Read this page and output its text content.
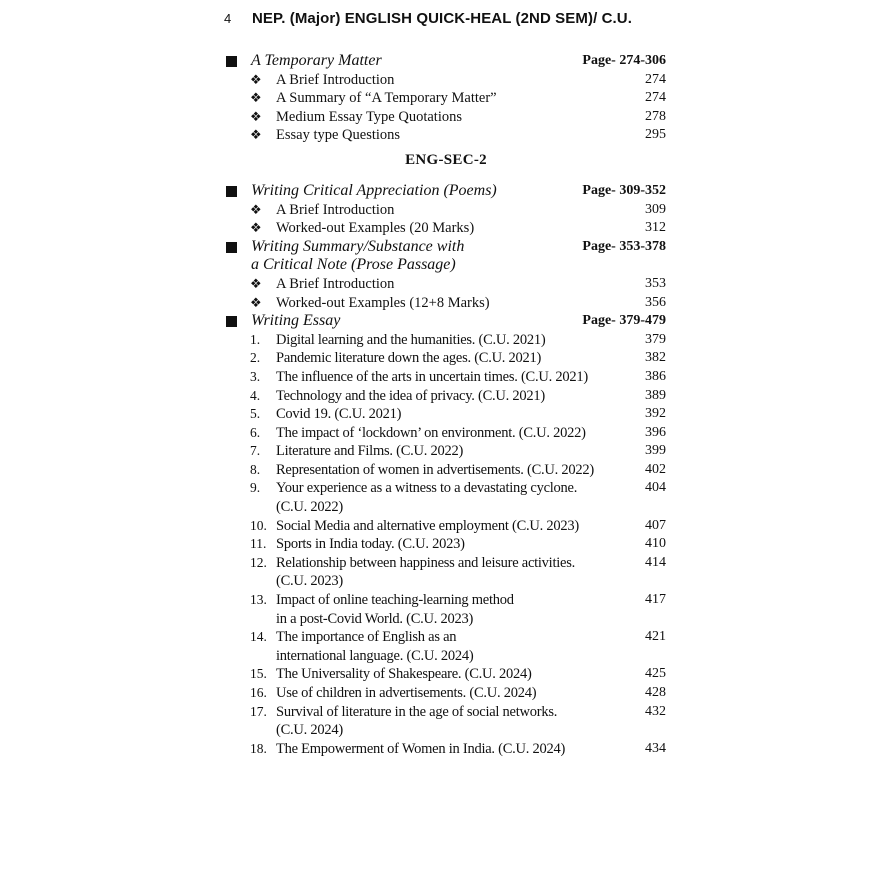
4 NEP. (Major) ENGLISH QUICK-HEAL (2ND SEM)/ C.U.
A Temporary Matter	Page- 274-306
❖ A Brief Introduction	274
❖ A Summary of “A Temporary Matter”	274
❖ Medium Essay Type Quotations	278
❖ Essay type Questions	295
ENG-SEC-2
Writing Critical Appreciation (Poems)	Page- 309-352
❖ A Brief Introduction	309
❖ Worked-out Examples (20 Marks)	312
Writing Summary/Substance with
a Critical Note (Prose Passage)
Page- 353-378
❖ A Brief Introduction	353
❖ Worked-out Examples (12+8 Marks)	356
Writing Essay	Page- 379-479
1.	Digital learning and the humanities. (C.U. 2021)	379
2.	Pandemic literature down the ages. (C.U. 2021)	382
3.	The influence of the arts in uncertain times. (C.U. 2021)	386
4.	Technology and the idea of privacy. (C.U. 2021)	389
5.	Covid 19. (C.U. 2021)	392
6.	The impact of ‘lockdown’ on environment. (C.U. 2022)	396
7.	Literature and Films. (C.U. 2022)	399
8.	Representation of women in advertisements. (C.U. 2022)	402
9.	Your experience as a witness to a devastating cyclone.
(C.U. 2022)
404
10. Social Media and alternative employment (C.U. 2023)	407
11. Sports in India today. (C.U. 2023)	410
12. Relationship between happiness and leisure activities.
(C.U. 2023)
414
13. Impact of online teaching-learning method
in a post-Covid World. (C.U. 2023)
417
14. The importance of English as an
international language. (C.U. 2024)
421
15. The Universality of Shakespeare. (C.U. 2024)	425
16. Use of children in advertisements. (C.U. 2024)	428
17. Survival of literature in the age of social networks.
(C.U. 2024)
432
18. The Empowerment of Women in India. (C.U. 2024)	434
